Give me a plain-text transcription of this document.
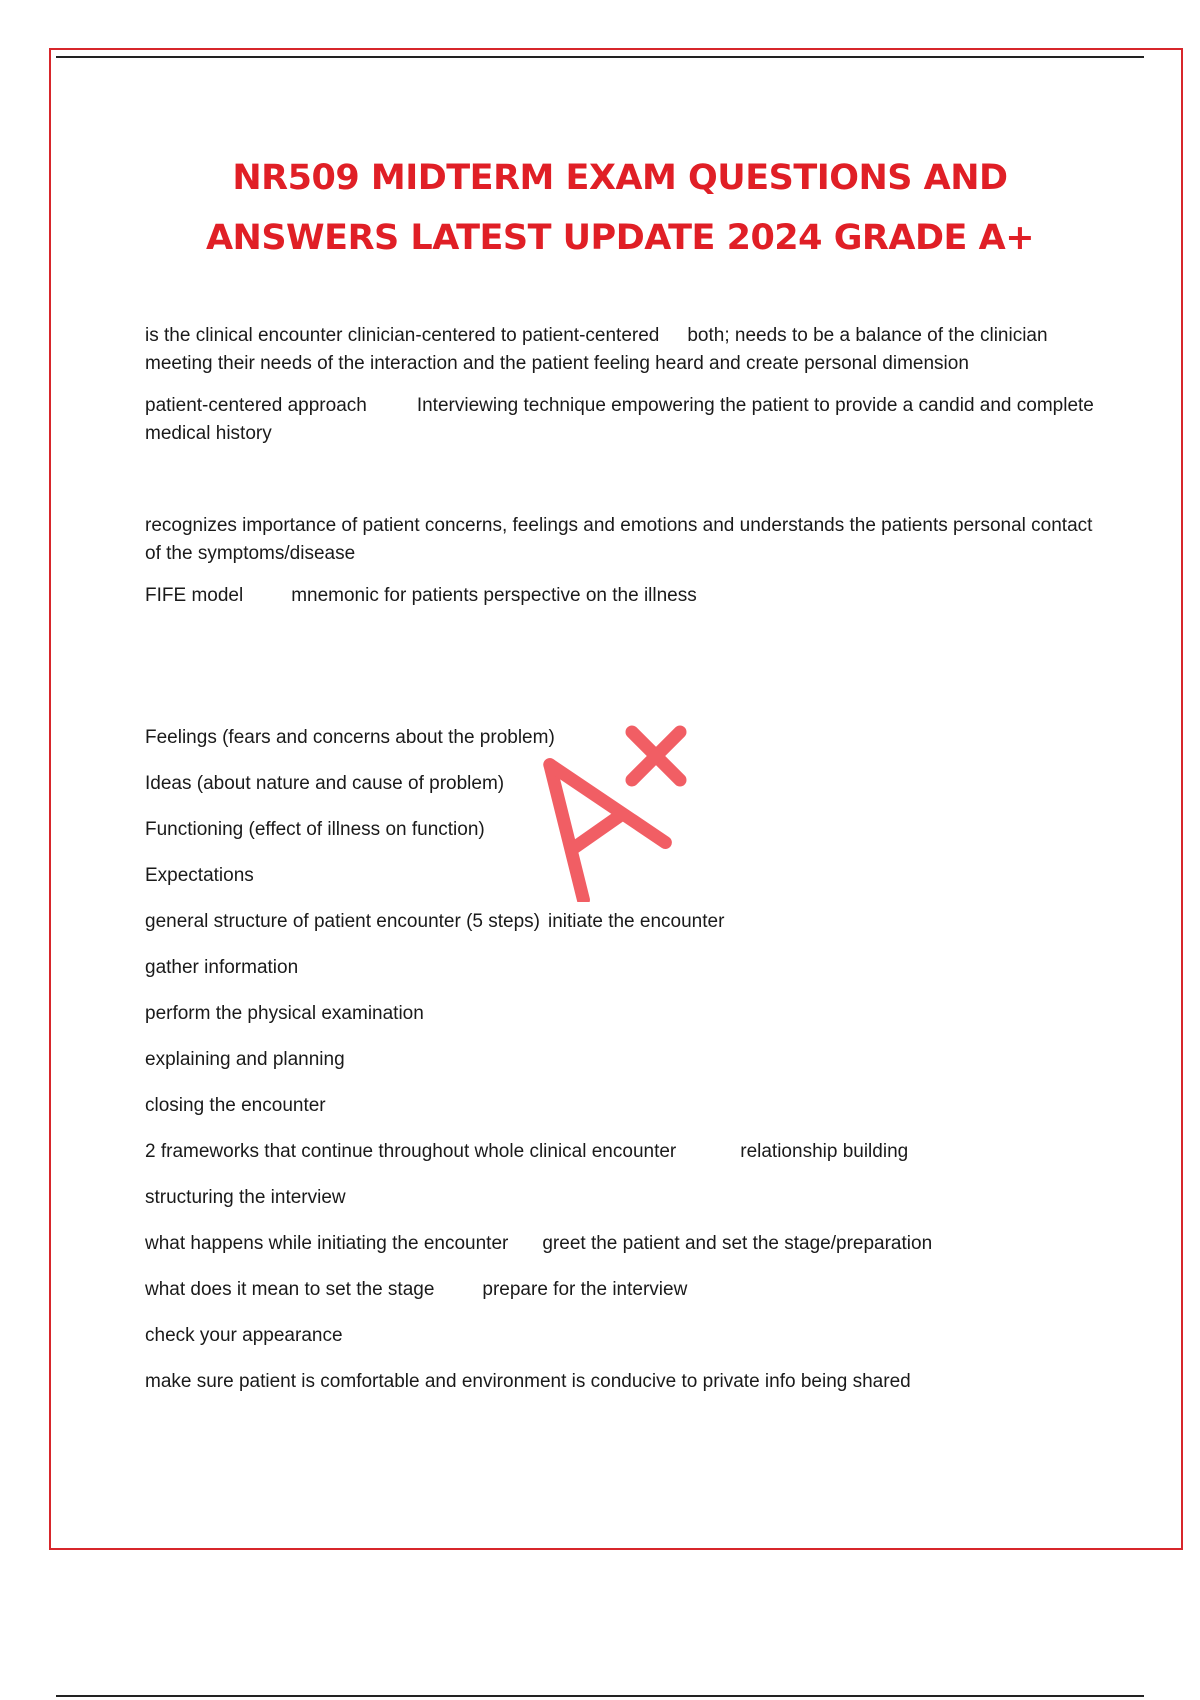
NR509 MIDTERM EXAM QUESTIONS AND
ANSWERS LATEST UPDATE 2024 GRADE A+

is the clinical encounter clinician-centered to patient-centered both; needs to be a balance of the clinician meeting their needs of the interaction and the patient feeling heard and create personal dimension

patient-centered approach	Interviewing technique empowering the patient to provide a candid and complete medical history

recognizes importance of patient concerns, feelings and emotions and understands the patients personal contact of the symptoms/disease

FIFE model	mnemonic for patients perspective on the illness

Feelings (fears and concerns about the problem)

Ideas (about nature and cause of problem)

Functioning (effect of illness on function)

Expectations

general structure of patient encounter (5 steps) initiate the encounter

gather information

perform the physical examination

explaining and planning

closing the encounter

2 frameworks that continue throughout whole clinical encounter	relationship building

structuring the interview

what happens while initiating the encounter greet the patient and set the stage/preparation

what does it mean to set the stage	prepare for the interview

check your appearance

make sure patient is comfortable and environment is conducive to private info being shared
